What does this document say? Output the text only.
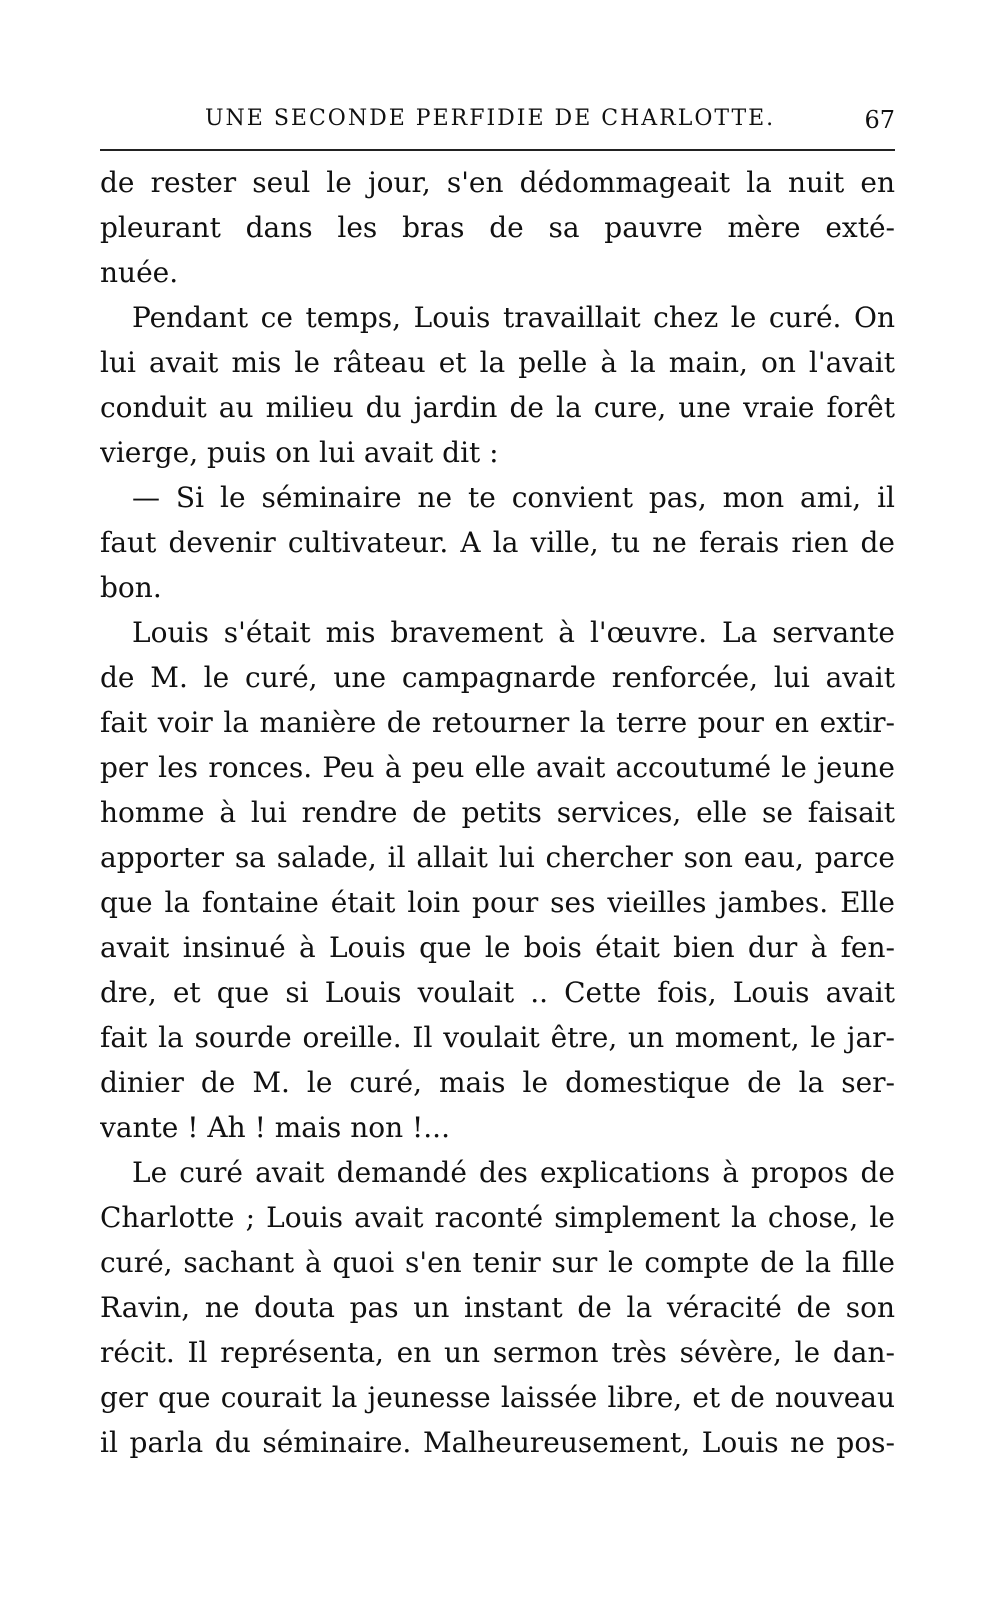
UNE SECONDE PERFIDIE DE CHARLOTTE.	67
de rester seul le jour, s'en dédommageait la nuit en
pleurant dans les bras de sa pauvre mère exté-
nuée.
Pendant ce temps, Louis travaillait chez le curé. On
lui avait mis le râteau et la pelle à la main, on l'avait
conduit au milieu du jardin de la cure, une vraie forêt
vierge, puis on lui avait dit :
— Si le séminaire ne te convient pas, mon ami, il
faut devenir cultivateur. A la ville, tu ne ferais rien de
bon.
Louis s'était mis bravement à l'œuvre. La servante
de M. le curé, une campagnarde renforcée, lui avait
fait voir la manière de retourner la terre pour en extir-
per les ronces. Peu à peu elle avait accoutumé le jeune
homme à lui rendre de petits services, elle se faisait
apporter sa salade, il allait lui chercher son eau, parce
que la fontaine était loin pour ses vieilles jambes. Elle
avait insinué à Louis que le bois était bien dur à fen-
dre, et que si Louis voulait .. Cette fois, Louis avait
fait la sourde oreille. Il voulait être, un moment, le jar-
dinier de M. le curé, mais le domestique de la ser-
vante ! Ah ! mais non !...
Le curé avait demandé des explications à propos de
Charlotte ; Louis avait raconté simplement la chose, le
curé, sachant à quoi s'en tenir sur le compte de la fille
Ravin, ne douta pas un instant de la véracité de son
récit. Il représenta, en un sermon très sévère, le dan-
ger que courait la jeunesse laissée libre, et de nouveau
il parla du séminaire. Malheureusement, Louis ne pos-
